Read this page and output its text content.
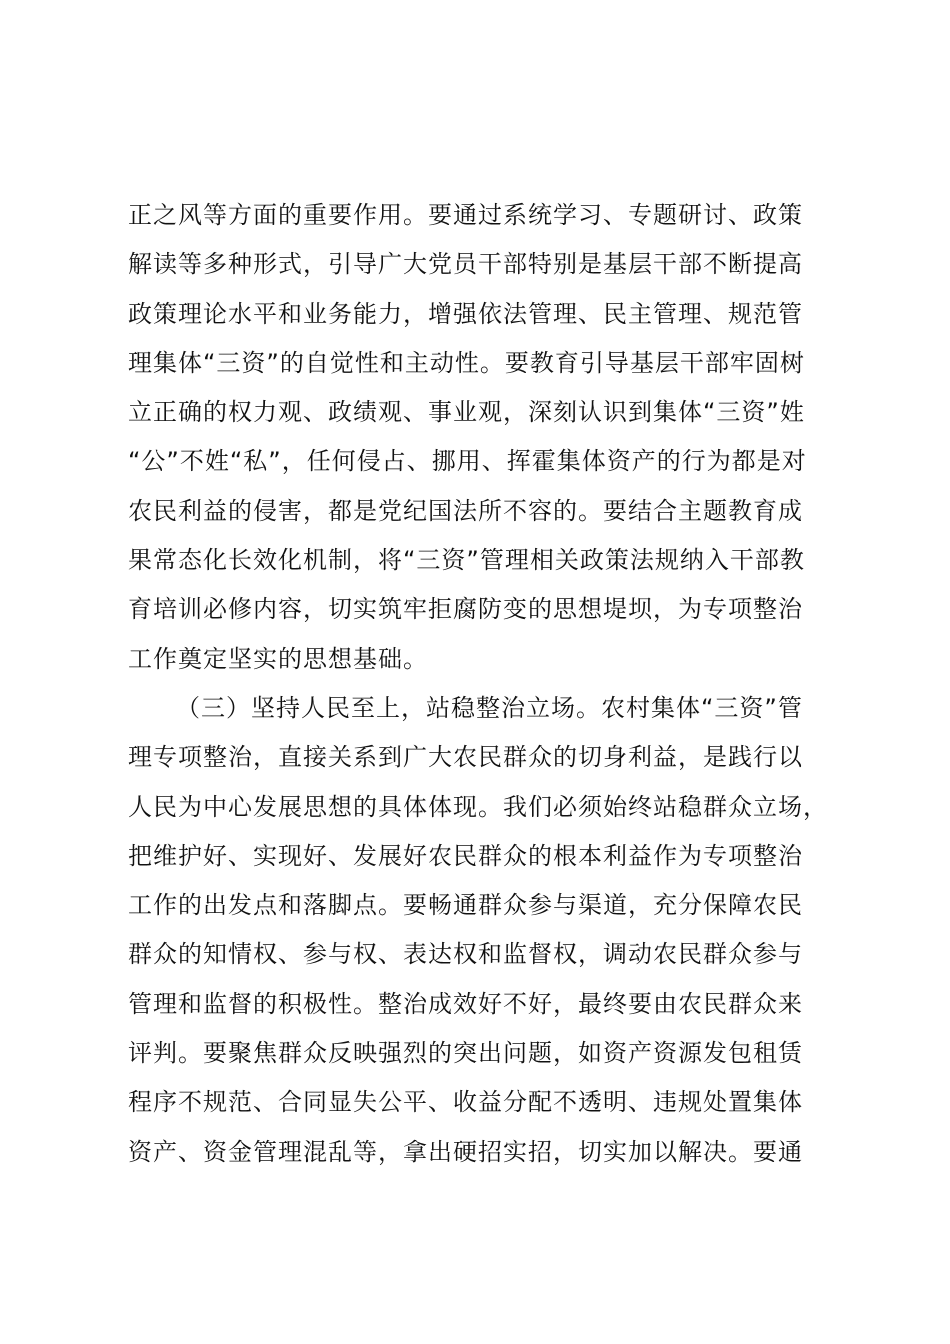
正之风等方面的重要作用。要通过系统学习、专题研讨、政策
解读等多种形式，引导广大党员干部特别是基层干部不断提高
政策理论水平和业务能力，增强依法管理、民主管理、规范管
理集体“三资”的自觉性和主动性。要教育引导基层干部牢固树
立正确的权力观、政绩观、事业观，深刻认识到集体“三资”姓
“公”不姓“私”，任何侵占、挪用、挥霍集体资产的行为都是对
农民利益的侵害，都是党纪国法所不容的。要结合主题教育成
果常态化长效化机制，将“三资”管理相关政策法规纳入干部教
育培训必修内容，切实筑牢拒腐防变的思想堤坝，为专项整治
工作奠定坚实的思想基础。
（三）坚持人民至上，站稳整治立场。农村集体“三资”管
理专项整治，直接关系到广大农民群众的切身利益，是践行以
人民为中心发展思想的具体体现。我们必须始终站稳群众立场，
把维护好、实现好、发展好农民群众的根本利益作为专项整治
工作的出发点和落脚点。要畅通群众参与渠道，充分保障农民
群众的知情权、参与权、表达权和监督权，调动农民群众参与
管理和监督的积极性。整治成效好不好，最终要由农民群众来
评判。要聚焦群众反映强烈的突出问题，如资产资源发包租赁
程序不规范、合同显失公平、收益分配不透明、违规处置集体
资产、资金管理混乱等，拿出硬招实招，切实加以解决。要通
